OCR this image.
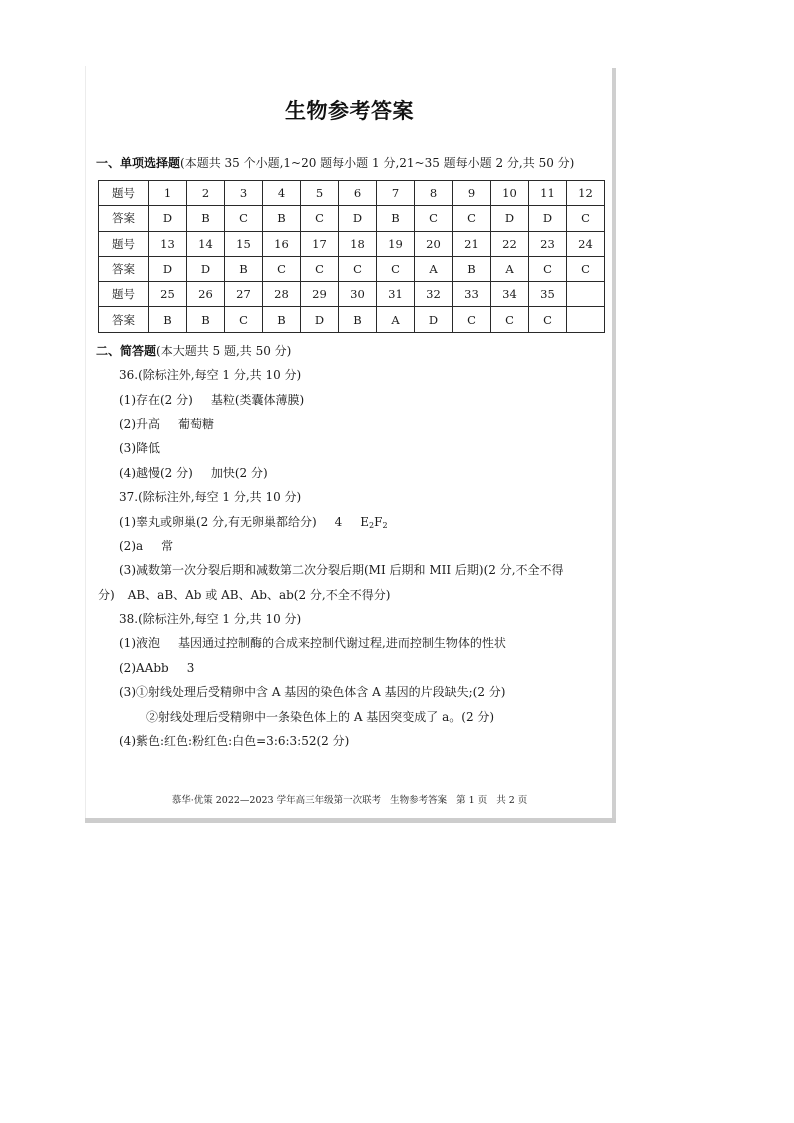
生物参考答案
一、单项选择题(本题共 35 个小题,1~20 题每小题 1 分,21~35 题每小题 2 分,共 50 分)
题号	1	2	3	4	5	6	7	8	9	10	11	12
答案	D	B	C	B	C	D	B	C	C	D	D	C
题号	13	14	15	16	17	18	19	20	21	22	23	24
答案	D	D	B	C	C	C	C	A	B	A	C	C
题号	25	26	27	28	29	30	31	32	33	34	35	
答案	B	B	C	B	D	B	A	D	C	C	C	
二、简答题(本大题共 5 题,共 50 分)
36.(除标注外,每空 1 分,共 10 分)
(1)存在(2 分) 基粒(类囊体薄膜)
(2)升高 葡萄糖
(3)降低
(4)越慢(2 分) 加快(2 分)
37.(除标注外,每空 1 分,共 10 分)
(1)睾丸或卵巢(2 分,有无卵巢都给分) 4 $E_2F_2$
(2)a 常
(3)减数第一次分裂后期和减数第二次分裂后期(MI 后期和 MII 后期)(2 分,不全不得
分) AB、aB、Ab 或 AB、Ab、ab(2 分,不全不得分)
38.(除标注外,每空 1 分,共 10 分)
(1)液泡 基因通过控制酶的合成来控制代谢过程,进而控制生物体的性状
(2)AAbb 3
(3)①射线处理后受精卵中含 A 基因的染色体含 A 基因的片段缺失;(2 分)
②射线处理后受精卵中一条染色体上的 A 基因突变成了 a。(2 分)
(4)紫色:红色:粉红色:白色=3:6:3:52(2 分)
慕华·优策 2022—2023 学年高三年级第一次联考 生物参考答案 第 1 页 共 2 页
